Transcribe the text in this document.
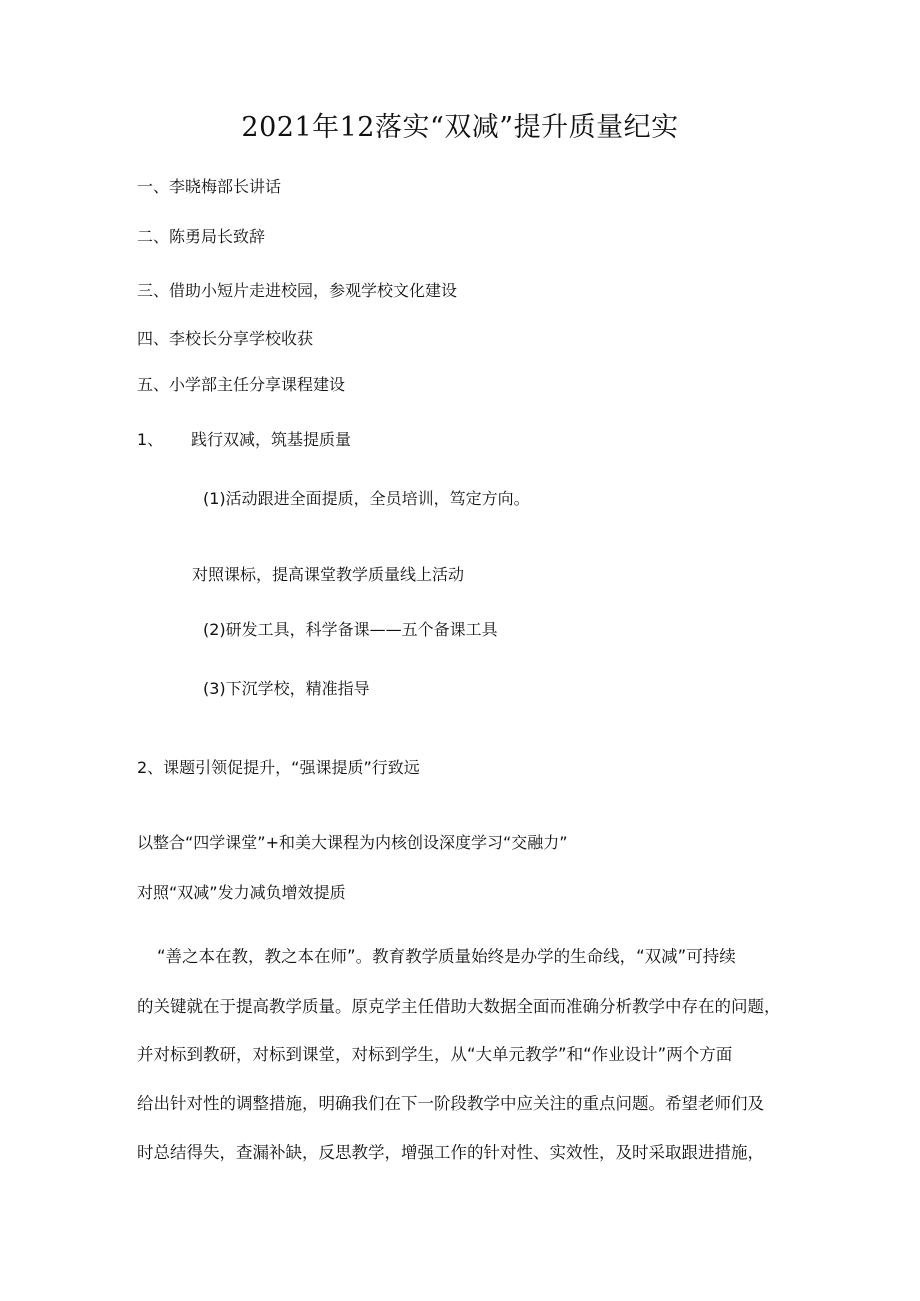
2021年12落实“双减”提升质量纪实
一、李晓梅部长讲话
二、陈勇局长致辞
三、借助小短片走进校园，参观学校文化建设
四、李校长分享学校收获
五、小学部主任分享课程建设
1、 践行双减，筑基提质量
(1)活动跟进全面提质，全员培训，笃定方向。
对照课标，提高课堂教学质量线上活动
(2)研发工具，科学备课——五个备课工具
(3)下沉学校，精准指导
2、课题引领促提升，“强课提质”行致远
以整合“四学课堂”+和美大课程为内核创设深度学习“交融力”
对照“双减”发力减负增效提质
“善之本在教，教之本在师”。教育教学质量始终是办学的生命线，“双减”可持续
的关键就在于提高教学质量。原克学主任借助大数据全面而准确分析教学中存在的问题，
并对标到教研，对标到课堂，对标到学生，从“大单元教学”和“作业设计”两个方面
给出针对性的调整措施，明确我们在下一阶段教学中应关注的重点问题。希望老师们及
时总结得失，查漏补缺，反思教学，增强工作的针对性、实效性，及时采取跟进措施，
